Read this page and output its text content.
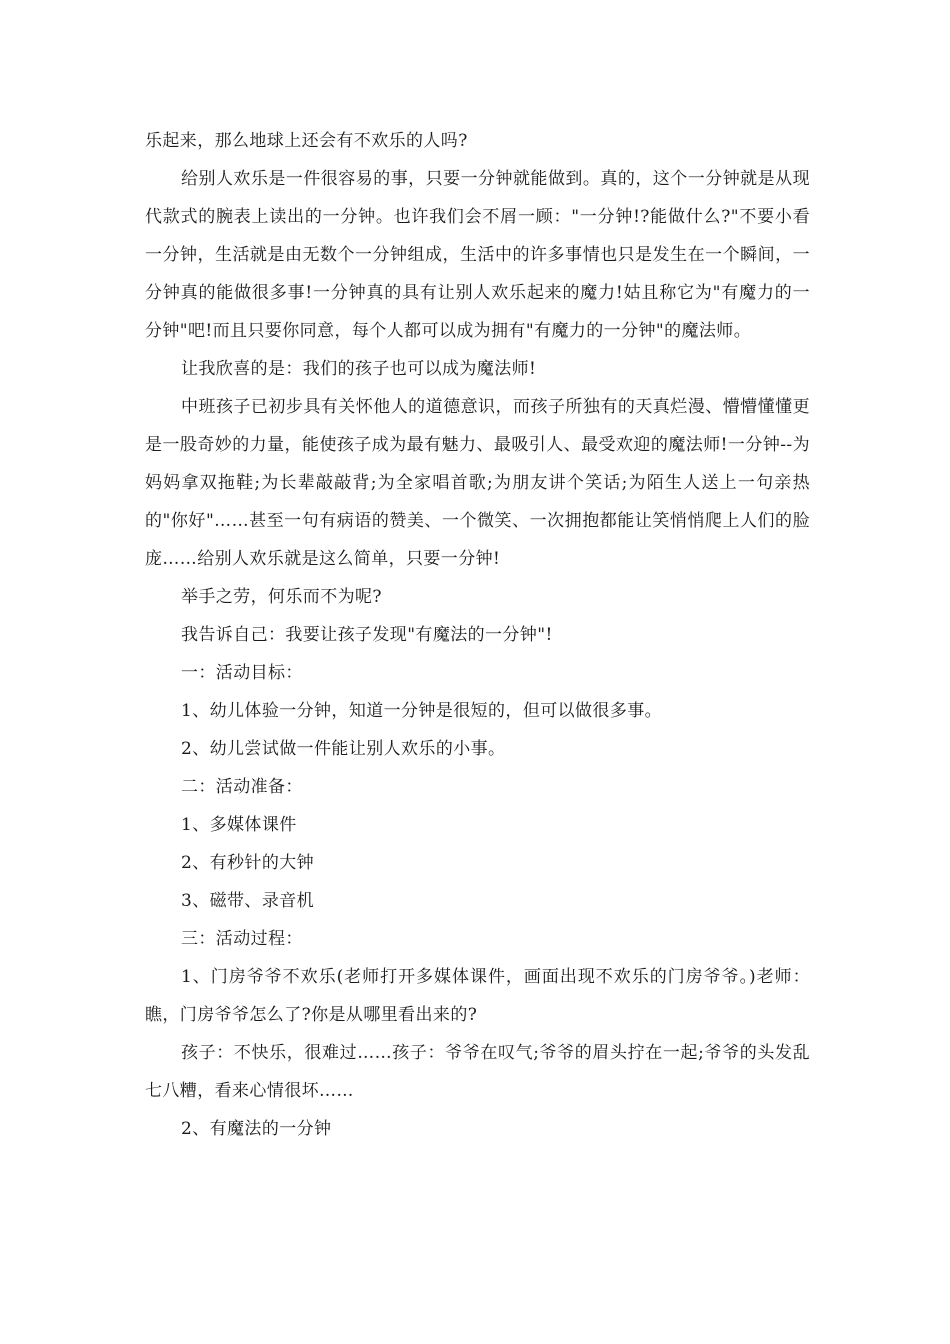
乐起来，那么地球上还会有不欢乐的人吗?

给别人欢乐是一件很容易的事，只要一分钟就能做到。真的，这个一分钟就是从现代款式的腕表上读出的一分钟。也许我们会不屑一顾："一分钟!?能做什么?"不要小看一分钟，生活就是由无数个一分钟组成，生活中的许多事情也只是发生在一个瞬间，一分钟真的能做很多事!一分钟真的具有让别人欢乐起来的魔力!姑且称它为"有魔力的一分钟"吧!而且只要你同意，每个人都可以成为拥有"有魔力的一分钟"的魔法师。

让我欣喜的是：我们的孩子也可以成为魔法师!

中班孩子已初步具有关怀他人的道德意识，而孩子所独有的天真烂漫、懵懵懂懂更是一股奇妙的力量，能使孩子成为最有魅力、最吸引人、最受欢迎的魔法师!一分钟--为妈妈拿双拖鞋;为长辈敲敲背;为全家唱首歌;为朋友讲个笑话;为陌生人送上一句亲热的"你好"……甚至一句有病语的赞美、一个微笑、一次拥抱都能让笑悄悄爬上人们的脸庞……给别人欢乐就是这么简单，只要一分钟!

举手之劳，何乐而不为呢?

我告诉自己：我要让孩子发现"有魔法的一分钟"!

一：活动目标：

1、幼儿体验一分钟，知道一分钟是很短的，但可以做很多事。

2、幼儿尝试做一件能让别人欢乐的小事。

二：活动准备：

1、多媒体课件

2、有秒针的大钟

3、磁带、录音机

三：活动过程：

1、门房爷爷不欢乐(老师打开多媒体课件，画面出现不欢乐的门房爷爷。)老师：瞧，门房爷爷怎么了?你是从哪里看出来的?

孩子：不快乐，很难过……孩子：爷爷在叹气;爷爷的眉头拧在一起;爷爷的头发乱七八糟，看来心情很坏……

2、有魔法的一分钟
